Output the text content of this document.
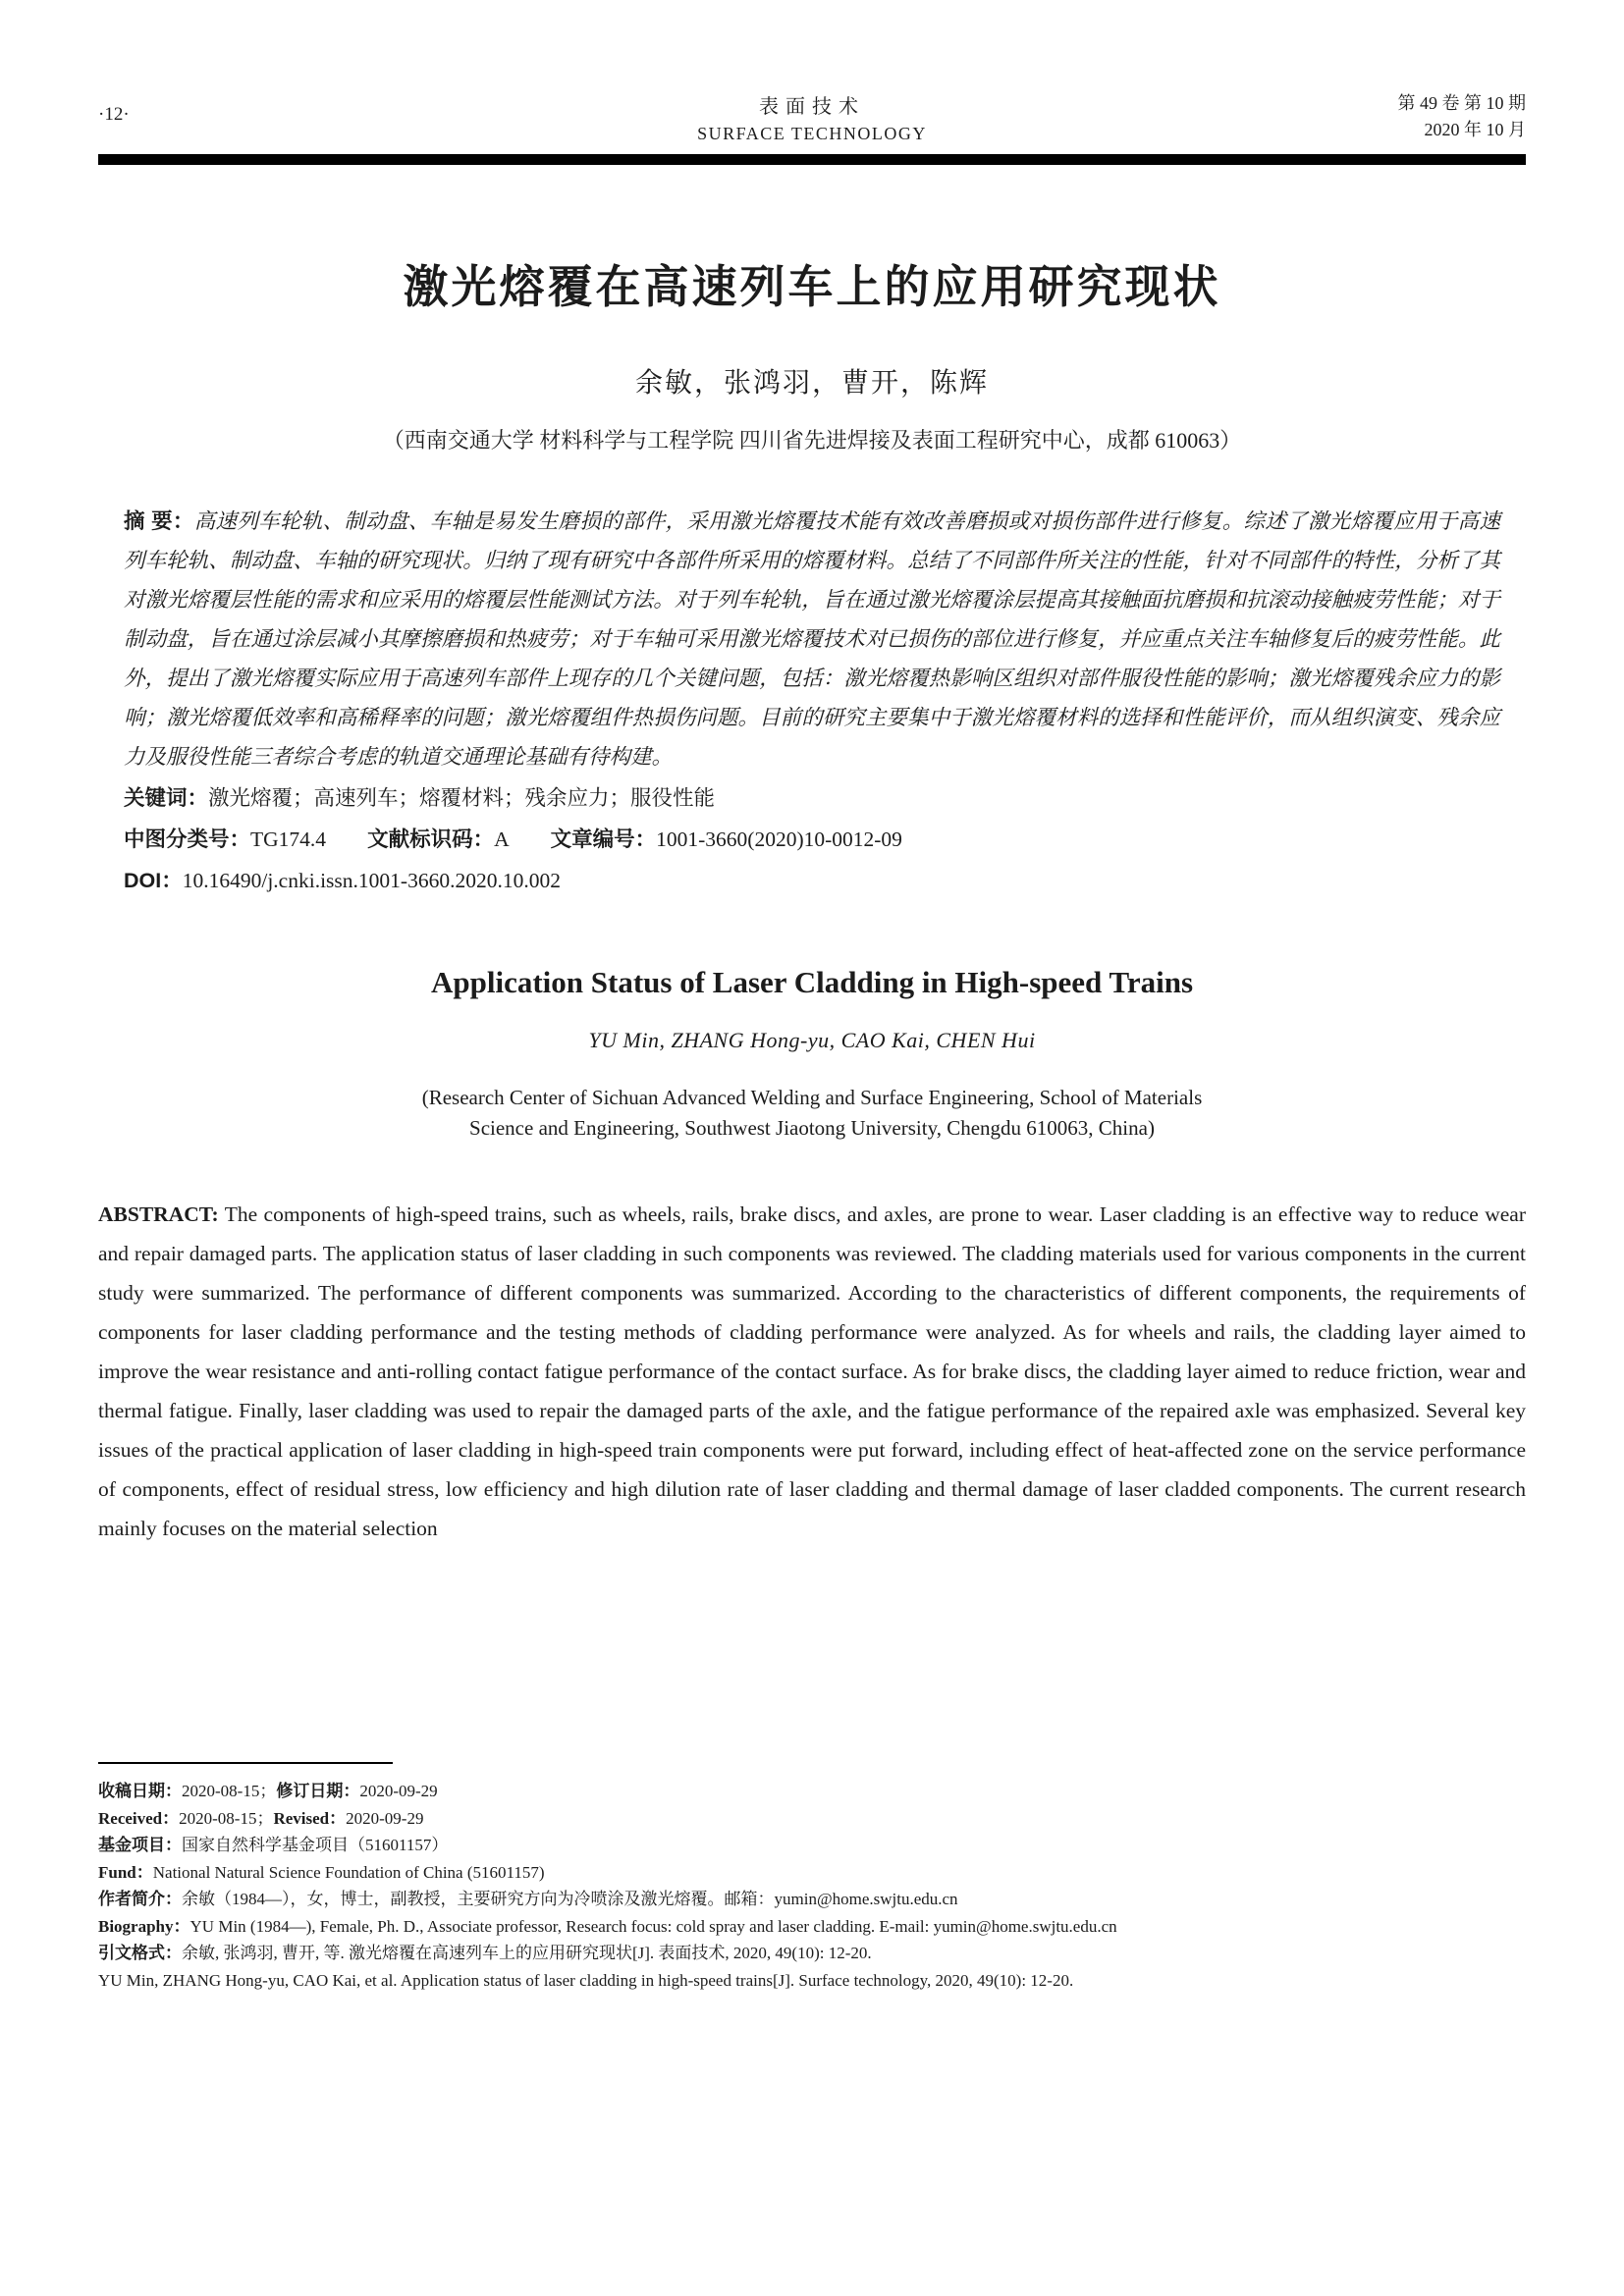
·12·	表面技术
SURFACE TECHNOLOGY
第 49 卷 第 10 期
2020 年 10 月
激光熔覆在高速列车上的应用研究现状
余敏，张鸿羽，曹开，陈辉
（西南交通大学 材料科学与工程学院 四川省先进焊接及表面工程研究中心，成都 610063）

摘 要：高速列车轮轨、制动盘、车轴是易发生磨损的部件，采用激光熔覆技术能有效改善磨损或对损伤部件进行修复。综述了激光熔覆应用于高速列车轮轨、制动盘、车轴的研究现状。归纳了现有研究中各部件所采用的熔覆材料。总结了不同部件所关注的性能，针对不同部件的特性，分析了其对激光熔覆层性能的需求和应采用的熔覆层性能测试方法。对于列车轮轨，旨在通过激光熔覆涂层提高其接触面抗磨损和抗滚动接触疲劳性能；对于制动盘，旨在通过涂层减小其摩擦磨损和热疲劳；对于车轴可采用激光熔覆技术对已损伤的部位进行修复，并应重点关注车轴修复后的疲劳性能。此外，提出了激光熔覆实际应用于高速列车部件上现存的几个关键问题，包括：激光熔覆热影响区组织对部件服役性能的影响；激光熔覆残余应力的影响；激光熔覆低效率和高稀释率的问题；激光熔覆组件热损伤问题。目前的研究主要集中于激光熔覆材料的选择和性能评价，而从组织演变、残余应力及服役性能三者综合考虑的轨道交通理论基础有待构建。

关键词：激光熔覆；高速列车；熔覆材料；残余应力；服役性能

中图分类号：TG174.4 文献标识码：A 文章编号：1001-3660(2020)10-0012-09

DOI：10.16490/j.cnki.issn.1001-3660.2020.10.002

Application Status of Laser Cladding in High-speed Trains
YU Min, ZHANG Hong-yu, CAO Kai, CHEN Hui
(Research Center of Sichuan Advanced Welding and Surface Engineering, School of Materials
Science and Engineering, Southwest Jiaotong University, Chengdu 610063, China)

ABSTRACT: The components of high-speed trains, such as wheels, rails, brake discs, and axles, are prone to wear. Laser cladding is an effective way to reduce wear and repair damaged parts. The application status of laser cladding in such components was reviewed. The cladding materials used for various components in the current study were summarized. The performance of different components was summarized. According to the characteristics of different components, the requirements of components for laser cladding performance and the testing methods of cladding performance were analyzed. As for wheels and rails, the cladding layer aimed to improve the wear resistance and anti-rolling contact fatigue performance of the contact surface. As for brake discs, the cladding layer aimed to reduce friction, wear and thermal fatigue. Finally, laser cladding was used to repair the damaged parts of the axle, and the fatigue performance of the repaired axle was emphasized. Several key issues of the practical application of laser cladding in high-speed train components were put forward, including effect of heat-affected zone on the service performance of components, effect of residual stress, low efficiency and high dilution rate of laser cladding and thermal damage of laser cladded components. The current research mainly focuses on the material selection

收稿日期：2020-08-15；修订日期：2020-09-29

Received：2020-08-15；Revised：2020-09-29

基金项目：国家自然科学基金项目（51601157）

Fund：National Natural Science Foundation of China (51601157)

作者简介：余敏（1984—），女，博士，副教授，主要研究方向为冷喷涂及激光熔覆。邮箱：yumin@home.swjtu.edu.cn

Biography：YU Min (1984—), Female, Ph. D., Associate professor, Research focus: cold spray and laser cladding. E-mail: yumin@home.swjtu.edu.cn

引文格式：余敏, 张鸿羽, 曹开, 等. 激光熔覆在高速列车上的应用研究现状[J]. 表面技术, 2020, 49(10): 12-20.

YU Min, ZHANG Hong-yu, CAO Kai, et al. Application status of laser cladding in high-speed trains[J]. Surface technology, 2020, 49(10): 12-20.
